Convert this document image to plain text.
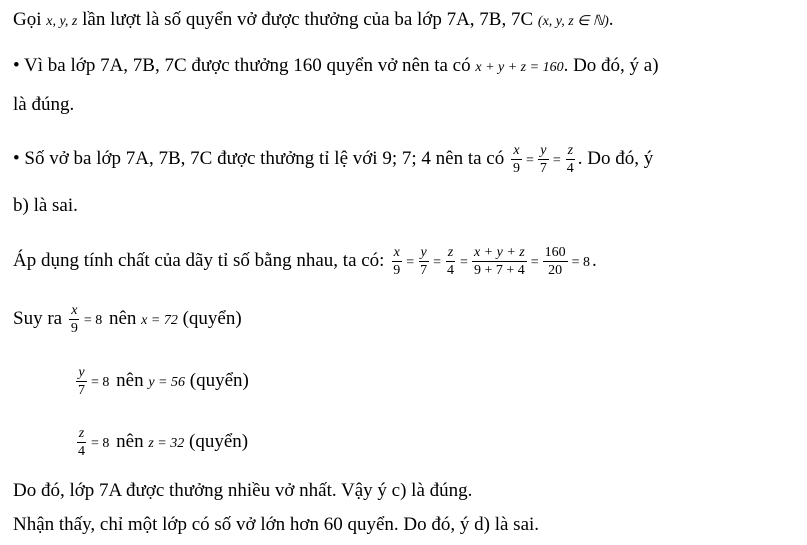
Gọi x, y, z lần lượt là số quyển vở được thưởng của ba lớp 7A, 7B, 7C (x, y, z ∈ ℕ).
• Vì ba lớp 7A, 7B, 7C được thưởng 160 quyển vở nên ta có x + y + z = 160. Do đó, ý a)
là đúng.
• Số vở ba lớp 7A, 7B, 7C được thưởng tỉ lệ với 9; 7; 4 nên ta có $\frac{x}{9} = \frac{y}{7} = \frac{z}{4}$ . Do đó, ý
b) là sai.
Áp dụng tính chất của dãy tỉ số bằng nhau, ta có: $\frac{x}{9} = \frac{y}{7} = \frac{z}{4} = \frac{x + y + z}{9 + 7 + 4} = \frac{160}{20} = 8$ .
Suy ra $\frac{x}{9} = 8$ nên x = 72 (quyển)
$\frac{y}{7} = 8$ nên y = 56 (quyển)
$\frac{z}{4} = 8$ nên z = 32 (quyển)
Do đó, lớp 7A được thưởng nhiều vở nhất. Vậy ý c) là đúng.
Nhận thấy, chỉ một lớp có số vở lớn hơn 60 quyển. Do đó, ý d) là sai.
